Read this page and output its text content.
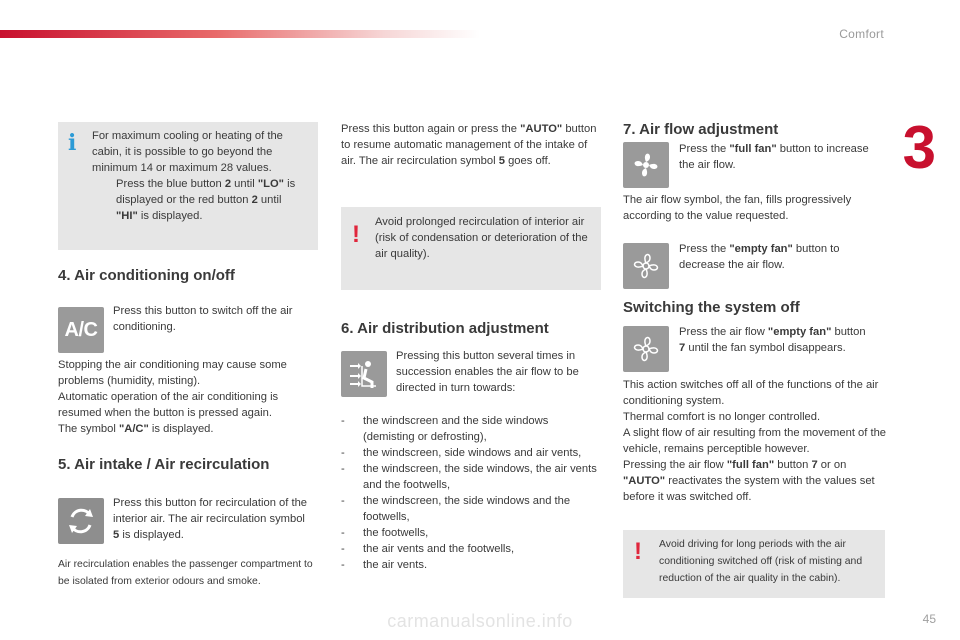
Comfort
3
i For maximum cooling or heating of the cabin, it is possible to go beyond the minimum 14 or maximum 28 values.
Press the blue button 2 until "LO" is displayed or the red button 2 until "HI" is displayed.
4. Air conditioning on/off
A/C
Press this button to switch off the air conditioning.
Stopping the air conditioning may cause some problems (humidity, misting).
Automatic operation of the air conditioning is resumed when the button is pressed again.
The symbol "A/C" is displayed.
5. Air intake / Air recirculation
Press this button for recirculation of the interior air. The air recirculation symbol 5 is displayed.
Air recirculation enables the passenger compartment to be isolated from exterior odours and smoke.
Press this button again or press the "AUTO" button to resume automatic management of the intake of air. The air recirculation symbol 5 goes off.
! Avoid prolonged recirculation of interior air (risk of condensation or deterioration of the air quality).
6. Air distribution adjustment
Pressing this button several times in succession enables the air flow to be directed in turn towards:
- the windscreen and the side windows (demisting or defrosting),
- the windscreen, side windows and air vents,
- the windscreen, the side windows, the air vents and the footwells,
- the windscreen, the side windows and the footwells,
- the footwells,
- the air vents and the footwells,
- the air vents.
7. Air flow adjustment
Press the "full fan" button to increase the air flow.
The air flow symbol, the fan, fills progressively according to the value requested.
Press the "empty fan" button to decrease the air flow.
Switching the system off
Press the air flow "empty fan" button 7 until the fan symbol disappears.
This action switches off all of the functions of the air conditioning system.
Thermal comfort is no longer controlled.
A slight flow of air resulting from the movement of the vehicle, remains perceptible however.
Pressing the air flow "full fan" button 7 or on "AUTO" reactivates the system with the values set before it was switched off.
! Avoid driving for long periods with the air conditioning switched off (risk of misting and reduction of the air quality in the cabin).
carmanualsonline.info	45
